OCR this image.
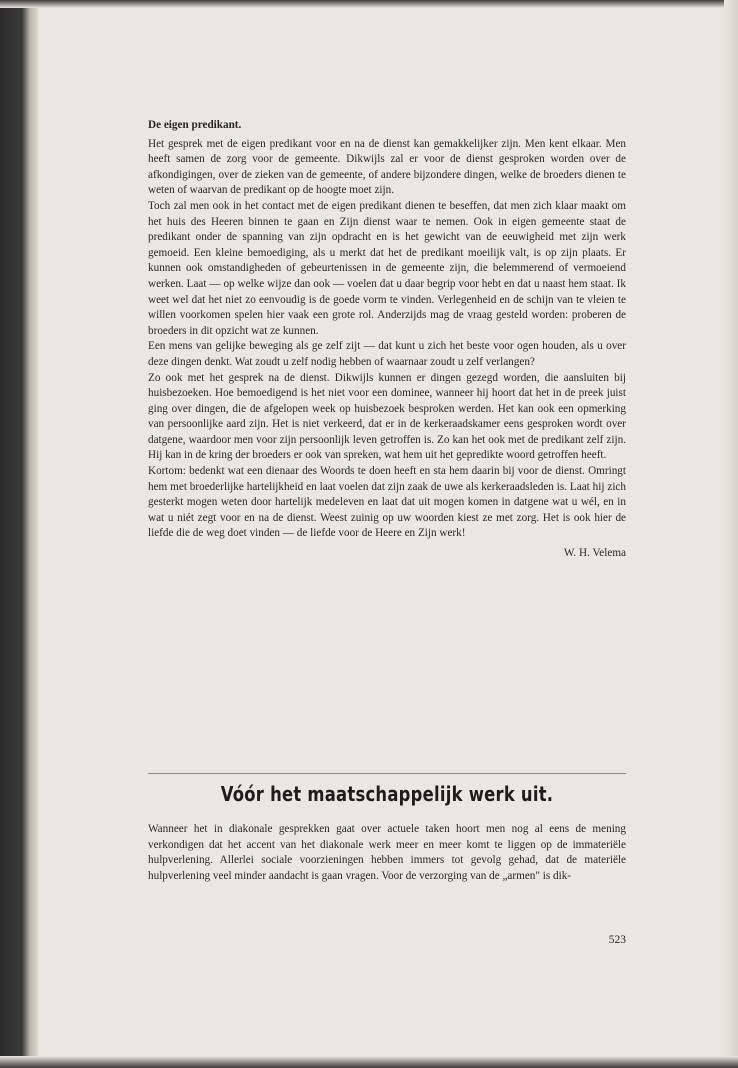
De eigen predikant.

Het gesprek met de eigen predikant voor en na de dienst kan gemakkelijker zijn. Men kent elkaar. Men heeft samen de zorg voor de gemeente. Dikwijls zal er voor de dienst gesproken worden over de afkondigingen, over de zieken van de gemeente, of andere bijzondere dingen, welke de broeders dienen te weten of waarvan de predikant op de hoogte moet zijn.

Toch zal men ook in het contact met de eigen predikant dienen te beseffen, dat men zich klaar maakt om het huis des Heeren binnen te gaan en Zijn dienst waar te nemen. Ook in eigen gemeente staat de predikant onder de spanning van zijn opdracht en is het gewicht van de eeuwigheid met zijn werk gemoeid. Een kleine bemoediging, als u merkt dat het de predikant moeilijk valt, is op zijn plaats. Er kunnen ook omstandigheden of gebeurtenissen in de gemeente zijn, die belemmerend of vermoeiend werken. Laat — op welke wijze dan ook — voelen dat u daar begrip voor hebt en dat u naast hem staat. Ik weet wel dat het niet zo eenvoudig is de goede vorm te vinden. Verlegenheid en de schijn van te vleien te willen voorkomen spelen hier vaak een grote rol. Anderzijds mag de vraag gesteld worden: proberen de broeders in dit opzicht wat ze kunnen.

Een mens van gelijke beweging als ge zelf zijt — dat kunt u zich het beste voor ogen houden, als u over deze dingen denkt. Wat zoudt u zelf nodig hebben of waarnaar zoudt u zelf verlangen?

Zo ook met het gesprek na de dienst. Dikwijls kunnen er dingen gezegd worden, die aansluiten bij huisbezoeken. Hoe bemoedigend is het niet voor een dominee, wanneer hij hoort dat het in de preek juist ging over dingen, die de afgelopen week op huisbezoek besproken werden. Het kan ook een opmerking van persoonlijke aard zijn. Het is niet verkeerd, dat er in de kerkeraadskamer eens gesproken wordt over datgene, waardoor men voor zijn persoonlijk leven getroffen is. Zo kan het ook met de predikant zelf zijn. Hij kan in de kring der broeders er ook van spreken, wat hem uit het gepredikte woord getroffen heeft.

Kortom: bedenkt wat een dienaar des Woords te doen heeft en sta hem daarin bij voor de dienst. Omringt hem met broederlijke hartelijkheid en laat voelen dat zijn zaak de uwe als kerkeraadsleden is. Laat hij zich gesterkt mogen weten door hartelijk medeleven en laat dat uit mogen komen in datgene wat u wél, en in wat u niét zegt voor en na de dienst. Weest zuinig op uw woorden kiest ze met zorg. Het is ook hier de liefde die de weg doet vinden — de liefde voor de Heere en Zijn werk!

W. H. Velema
Vóór het maatschappelijk werk uit.

Wanneer het in diakonale gesprekken gaat over actuele taken hoort men nog al eens de mening verkondigen dat het accent van het diakonale werk meer en meer komt te liggen op de immateriële hulpverlening. Allerlei sociale voorzieningen hebben immers tot gevolg gehad, dat de materiële hulpverlening veel minder aandacht is gaan vragen. Voor de verzorging van de „armen" is dik-

523
